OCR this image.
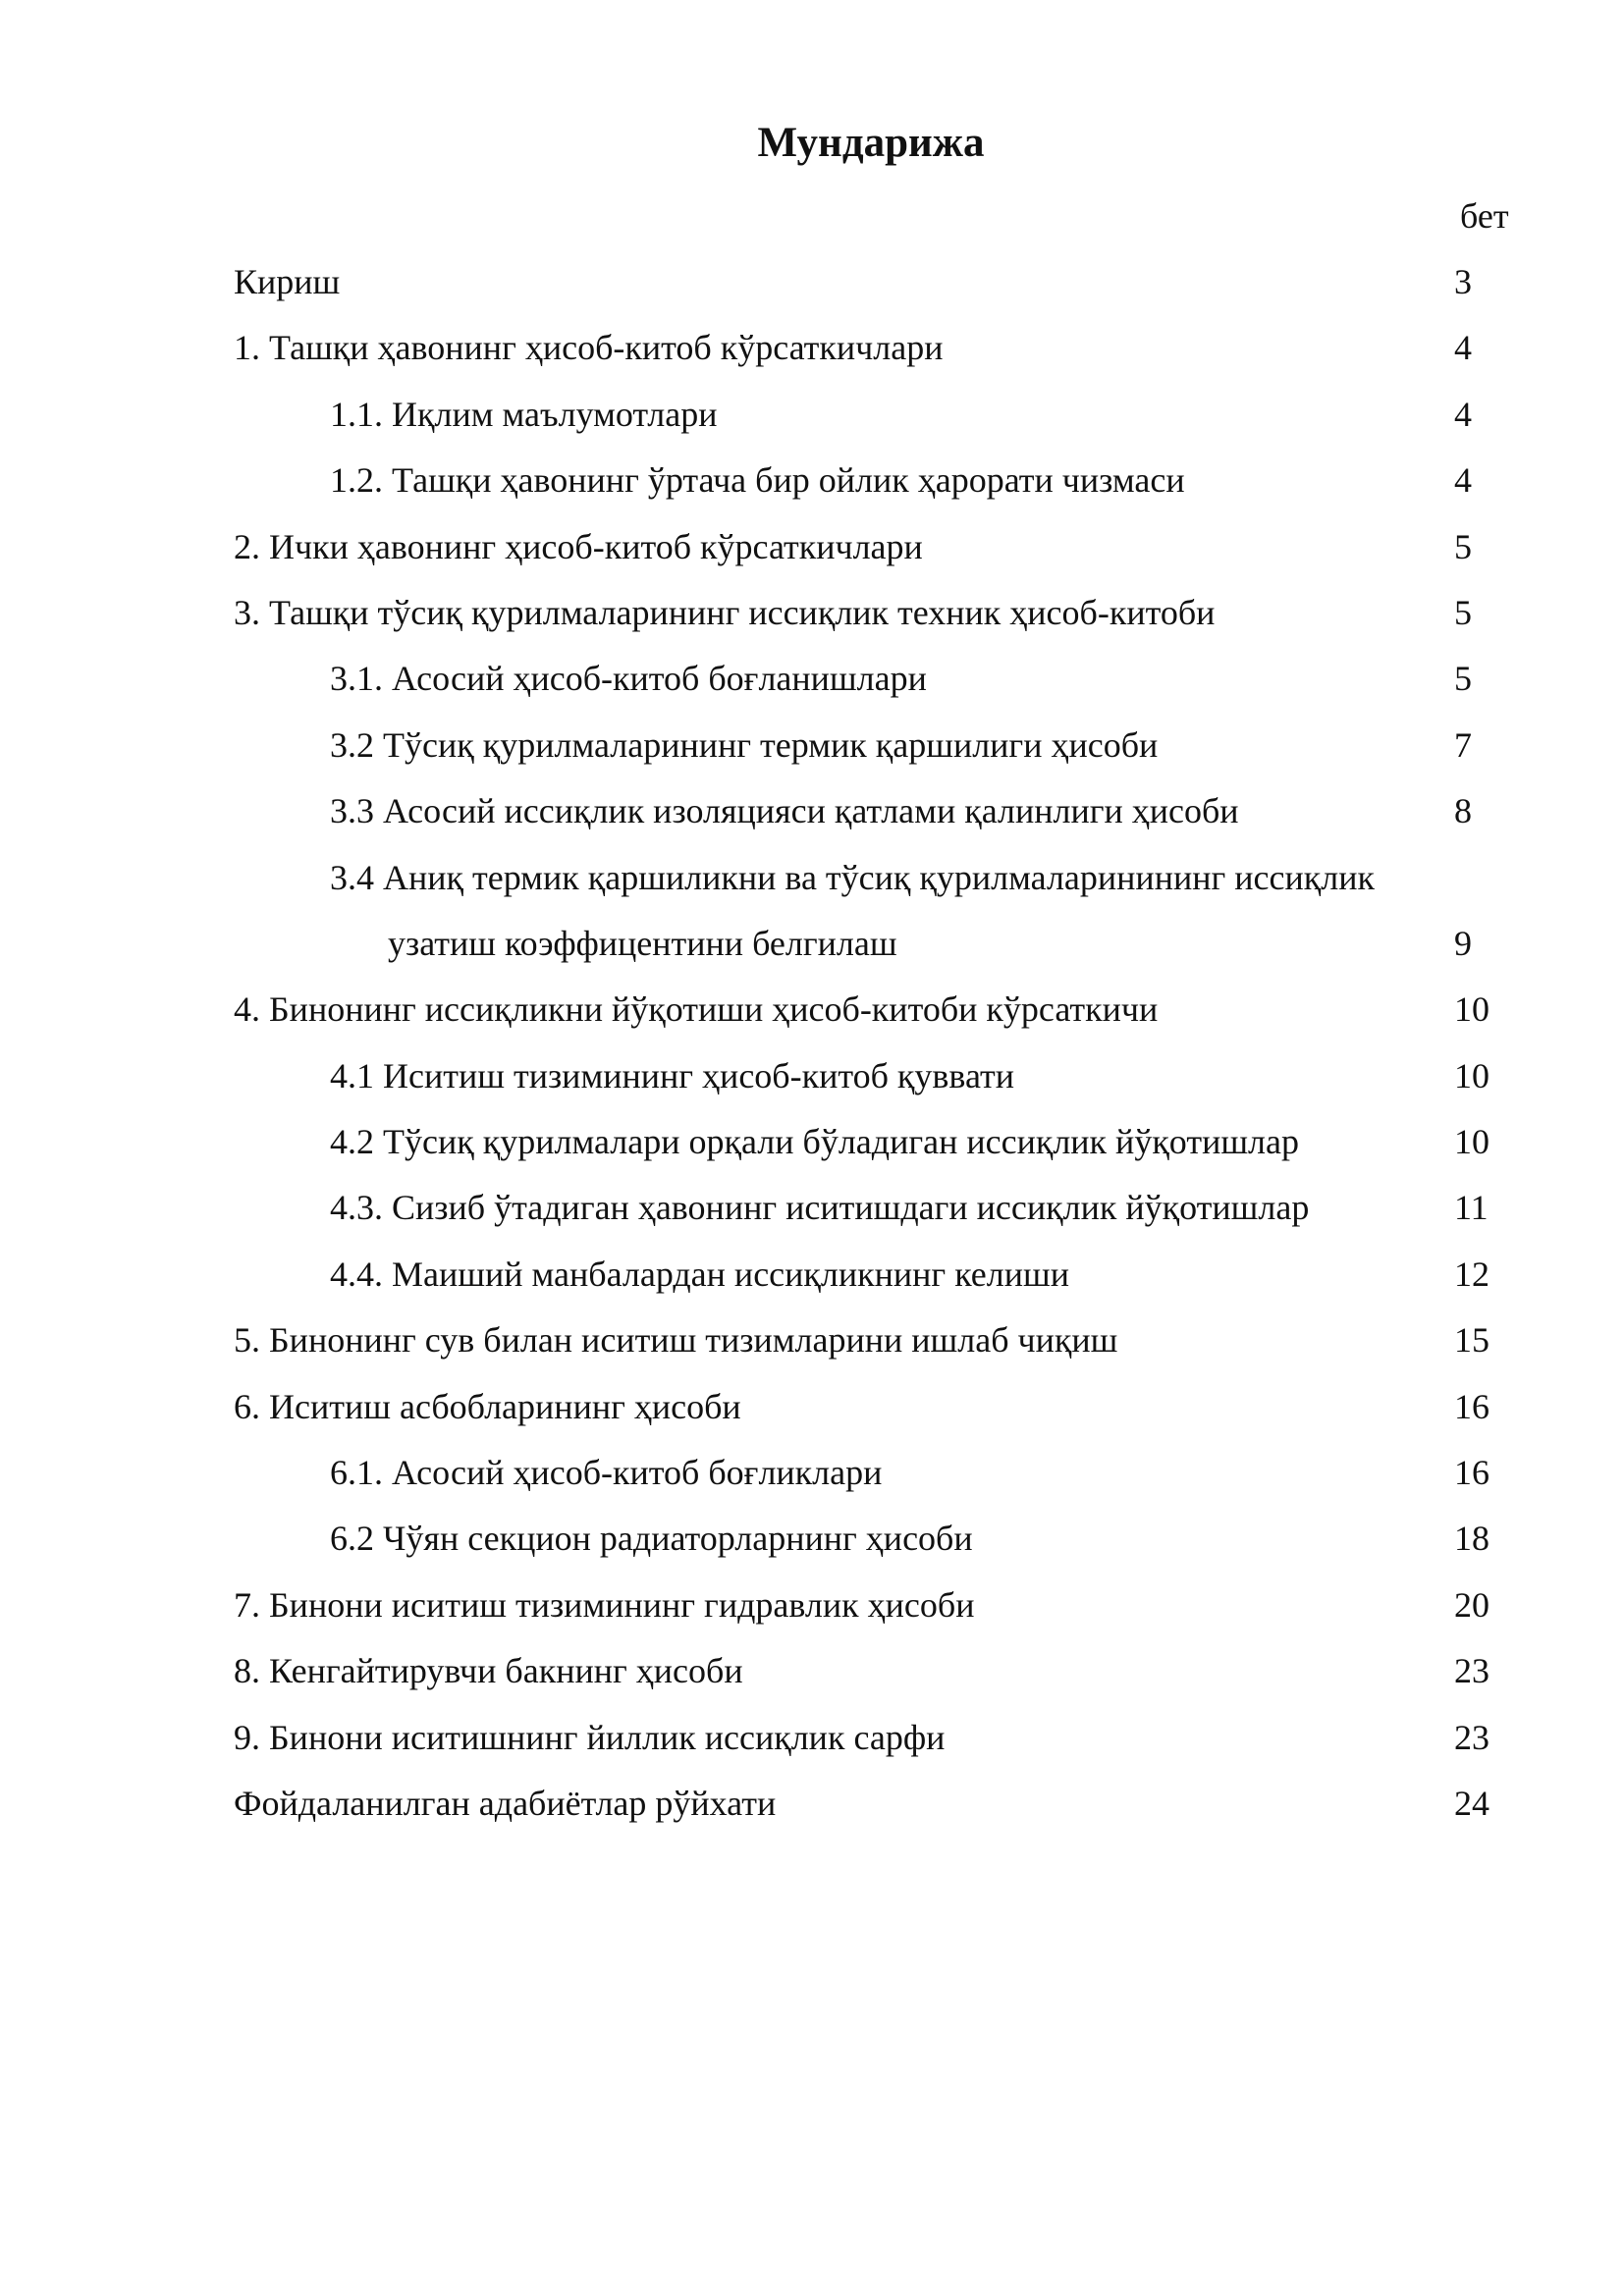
Мундарижа
бет
Кириш	3
1. Ташқи ҳавонинг ҳисоб-китоб кўрсаткичлари	4
1.1. Иқлим маълумотлари	4
1.2. Ташқи ҳавонинг ўртача бир ойлик ҳарорати чизмаси	4
2. Ички ҳавонинг ҳисоб-китоб кўрсаткичлари	5
3. Ташқи тўсиқ қурилмаларининг иссиқлик техник ҳисоб-китоби	5
3.1. Асосий ҳисоб-китоб боғланишлари	5
3.2 Тўсиқ қурилмаларининг термик қаршилиги ҳисоби	7
3.3 Асосий иссиқлик изоляцияси қатлами қалинлиги ҳисоби	8
3.4 Аниқ термик қаршиликни ва тўсиқ қурилмаларинининг иссиқлик
узатиш коэффицентини белгилаш	9
4. Бинонинг иссиқликни йўқотиши ҳисоб-китоби кўрсаткичи	10
4.1 Иситиш тизимининг ҳисоб-китоб қуввати	10
4.2 Тўсиқ қурилмалари орқали бўладиган иссиқлик йўқотишлар	10
4.3. Сизиб ўтадиган ҳавонинг иситишдаги иссиқлик йўқотишлар	11
4.4. Маиший манбалардан иссиқликнинг келиши	12
5. Бинонинг сув билан иситиш тизимларини ишлаб чиқиш	15
6. Иситиш асбобларининг ҳисоби	16
6.1. Асосий ҳисоб-китоб боғликлари	16
6.2 Чўян секцион радиаторларнинг ҳисоби	18
7. Бинони иситиш тизимининг гидравлик ҳисоби	20
8. Кенгайтирувчи бакнинг ҳисоби	23
9. Бинони иситишнинг йиллик иссиқлик сарфи	23
Фойдаланилган адабиётлар рўйхати	24
